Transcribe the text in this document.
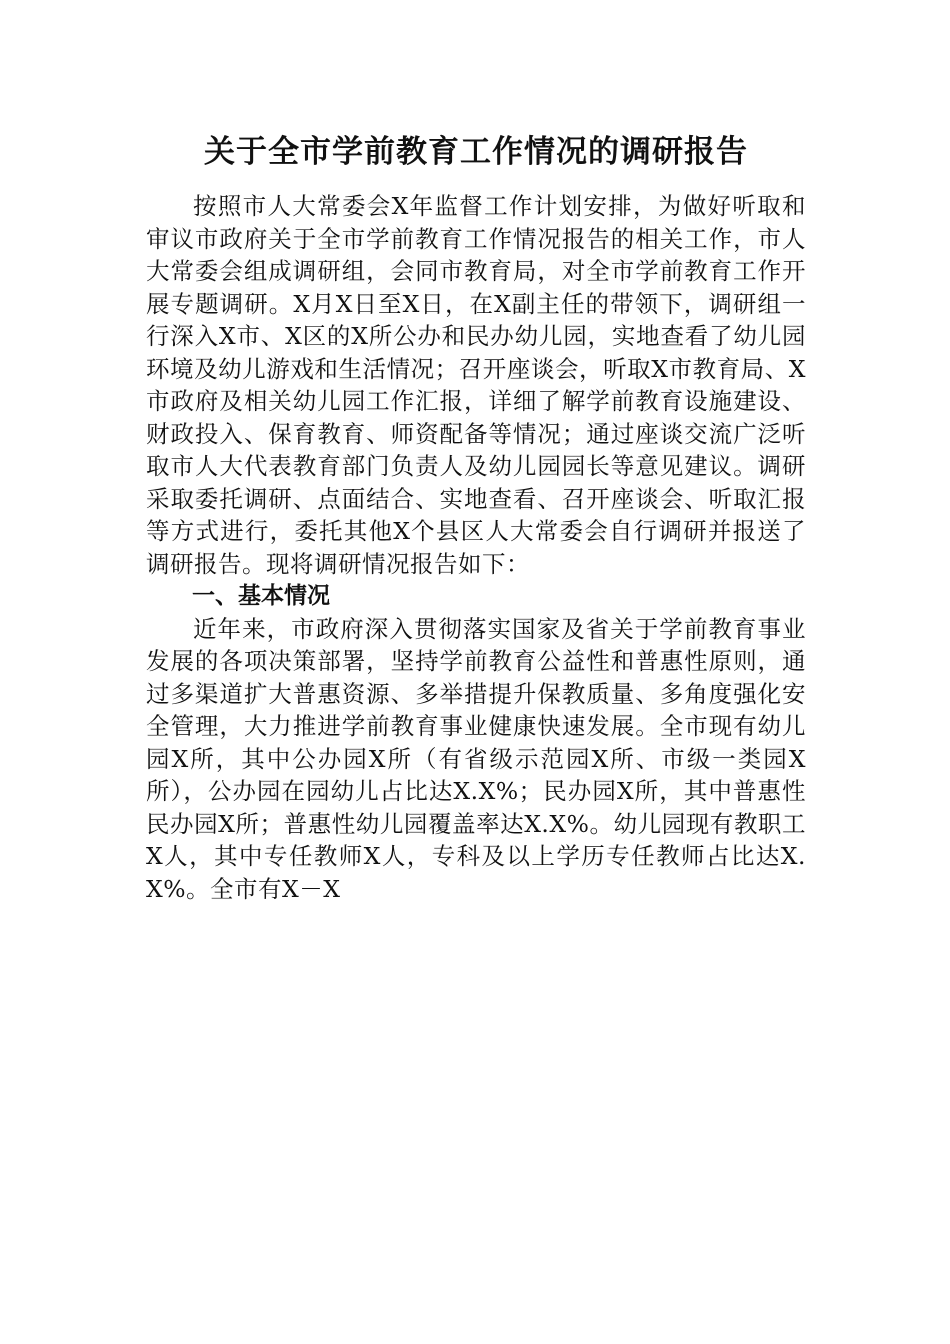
关于全市学前教育工作情况的调研报告

按照市人大常委会X年监督工作计划安排，为做好听取和审议市政府关于全市学前教育工作情况报告的相关工作，市人大常委会组成调研组，会同市教育局，对全市学前教育工作开展专题调研。X月X日至X日，在X副主任的带领下，调研组一行深入X市、X区的X所公办和民办幼儿园，实地查看了幼儿园环境及幼儿游戏和生活情况；召开座谈会，听取X市教育局、X市政府及相关幼儿园工作汇报，详细了解学前教育设施建设、财政投入、保育教育、师资配备等情况；通过座谈交流广泛听取市人大代表教育部门负责人及幼儿园园长等意见建议。调研采取委托调研、点面结合、实地查看、召开座谈会、听取汇报等方式进行，委托其他X个县区人大常委会自行调研并报送了调研报告。现将调研情况报告如下：

一、基本情况

近年来，市政府深入贯彻落实国家及省关于学前教育事业发展的各项决策部署，坚持学前教育公益性和普惠性原则，通过多渠道扩大普惠资源、多举措提升保教质量、多角度强化安全管理，大力推进学前教育事业健康快速发展。全市现有幼儿园X所，其中公办园X所（有省级示范园X所、市级一类园X所），公办园在园幼儿占比达X.X%；民办园X所，其中普惠性民办园X所；普惠性幼儿园覆盖率达X.X%。幼儿园现有教职工X人，其中专任教师X人，专科及以上学历专任教师占比达X.X%。全市有X－X
